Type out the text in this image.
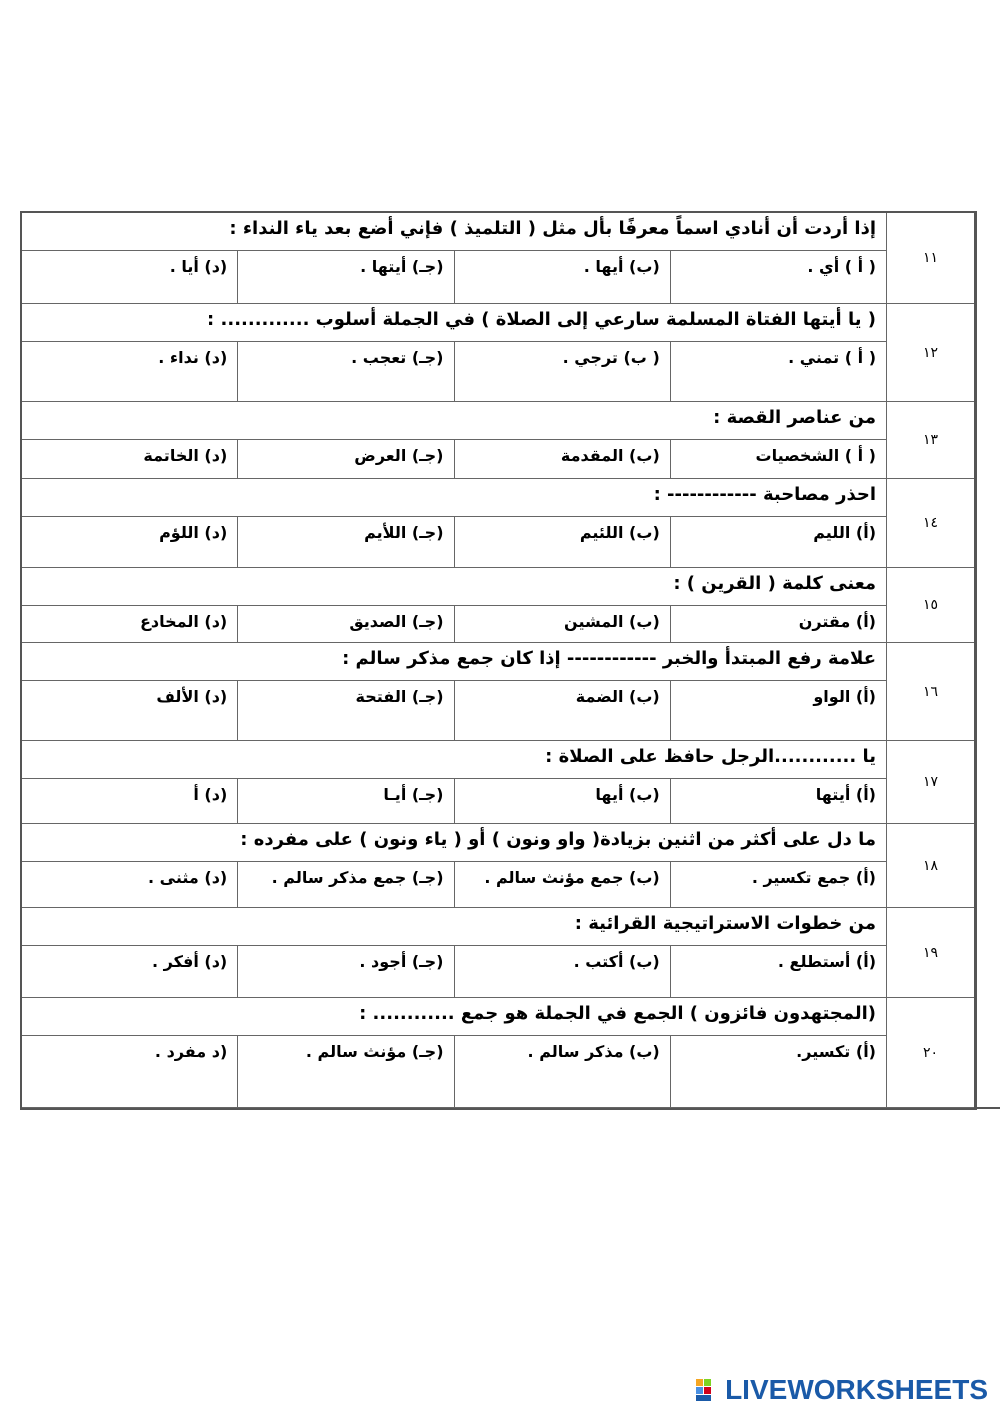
إذا أردت أن أنادي اسماً معرفًا بأل مثل ( التلميذ ) فإني أضع بعد ياء النداء :
( أ ) أي .
(ب) أيها .
(جـ) أيتها .
(د) أيا .	١١
( يا أيتها الفتاة المسلمة سارعي إلى الصلاة ) في الجملة أسلوب ............. :
( أ ) تمني .
( ب) ترجي .
(جـ) تعجب .
(د) نداء .	١٢
من عناصر القصة :
( أ ) الشخصيات
(ب) المقدمة
(جـ) العرض
(د) الخاتمة
١٣
احذر مصاحبة ------------ :
(أ) الليم
(ب) اللئيم
(جـ) اللأيم
(د) اللؤم	١٤
معنى كلمة ( القرين ) :
(أ) مقترن
(ب) المشين
(جـ) الصديق
(د) المخادع
١٥
علامة رفع المبتدأ والخبر ------------ إذا كان جمع مذكر سالم :
(أ) الواو
(ب) الضمة
(جـ) الفتحة
(د) الألف	١٦
يا ............الرجل حافظ على الصلاة :
(أ) أيتها
(ب) أيها
(جـ) أيـا
(د) أ
١٧
ما دل على أكثر من اثنين بزيادة( واو ونون ) أو ( ياء ونون ) على مفرده :
(أ) جمع تكسير .
(ب) جمع مؤنث سالم .
(جـ) جمع مذكر سالم .
(د) مثنى .
١٨
من خطوات الاستراتيجية القرائية :
(أ) أستطلع .
(ب) أكتب .
(جـ) أجود .
(د) أفكر .	١٩
(المجتهدون فائزون ) الجمع في الجملة هو جمع ............ :
(أ) تكسير.
(ب) مذكر سالم .
(جـ) مؤنث سالم .
(د مفرد .	٢٠
LIVEWORKSHEETS
